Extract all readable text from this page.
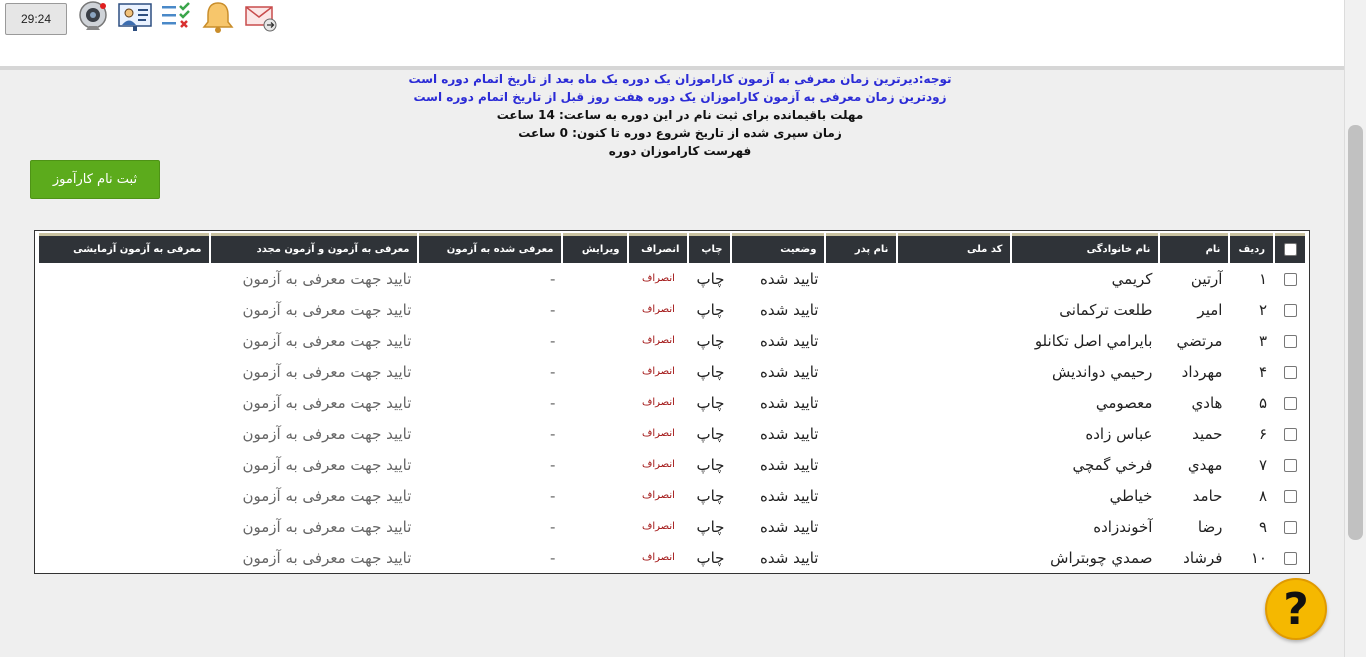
29:24
توجه:دیرترین زمان معرفی به آزمون کاراموزان یک دوره یک ماه بعد از تاریخ اتمام دوره است
زودترین زمان معرفی به آزمون کاراموزان یک دوره هفت روز قبل از تاریخ اتمام دوره است
مهلت باقیمانده برای ثبت نام در این دوره به ساعت: 14 ساعت
زمان سپری شده از تاریخ شروع دوره تا کنون: 0 ساعت
فهرست کاراموزان دوره
ثبت نام کارآموز
	ردیف	نام	نام خانوادگی	کد ملی	نام پدر	وضعیت	چاپ	انصراف	ویرایش	معرفی شده به آزمون	معرفی به آزمون و آزمون مجدد	معرفی به آزمون آزمایشی
	۱	آرتین	کریمي			تایید شده	چاپ	انصراف		-	تایید جهت معرفی به آزمون	
	۲	امیر	طلعت ترکمانی			تایید شده	چاپ	انصراف		-	تایید جهت معرفی به آزمون	
	۳	مرتضي	بايرامي اصل تكانلو			تایید شده	چاپ	انصراف		-	تایید جهت معرفی به آزمون	
	۴	مهرداد	رحيمي دوانديش			تایید شده	چاپ	انصراف		-	تایید جهت معرفی به آزمون	
	۵	هادي	معصومي			تایید شده	چاپ	انصراف		-	تایید جهت معرفی به آزمون	
	۶	حمید	عباس زاده			تایید شده	چاپ	انصراف		-	تایید جهت معرفی به آزمون	
	۷	مهدي	فرخي گمچي			تایید شده	چاپ	انصراف		-	تایید جهت معرفی به آزمون	
	۸	حامد	خياطي			تایید شده	چاپ	انصراف		-	تایید جهت معرفی به آزمون	
	۹	رضا	آخوندزاده			تایید شده	چاپ	انصراف		-	تایید جهت معرفی به آزمون	
	۱۰	فرشاد	صمدي چوبتراش			تایید شده	چاپ	انصراف		-	تایید جهت معرفی به آزمون	
?
